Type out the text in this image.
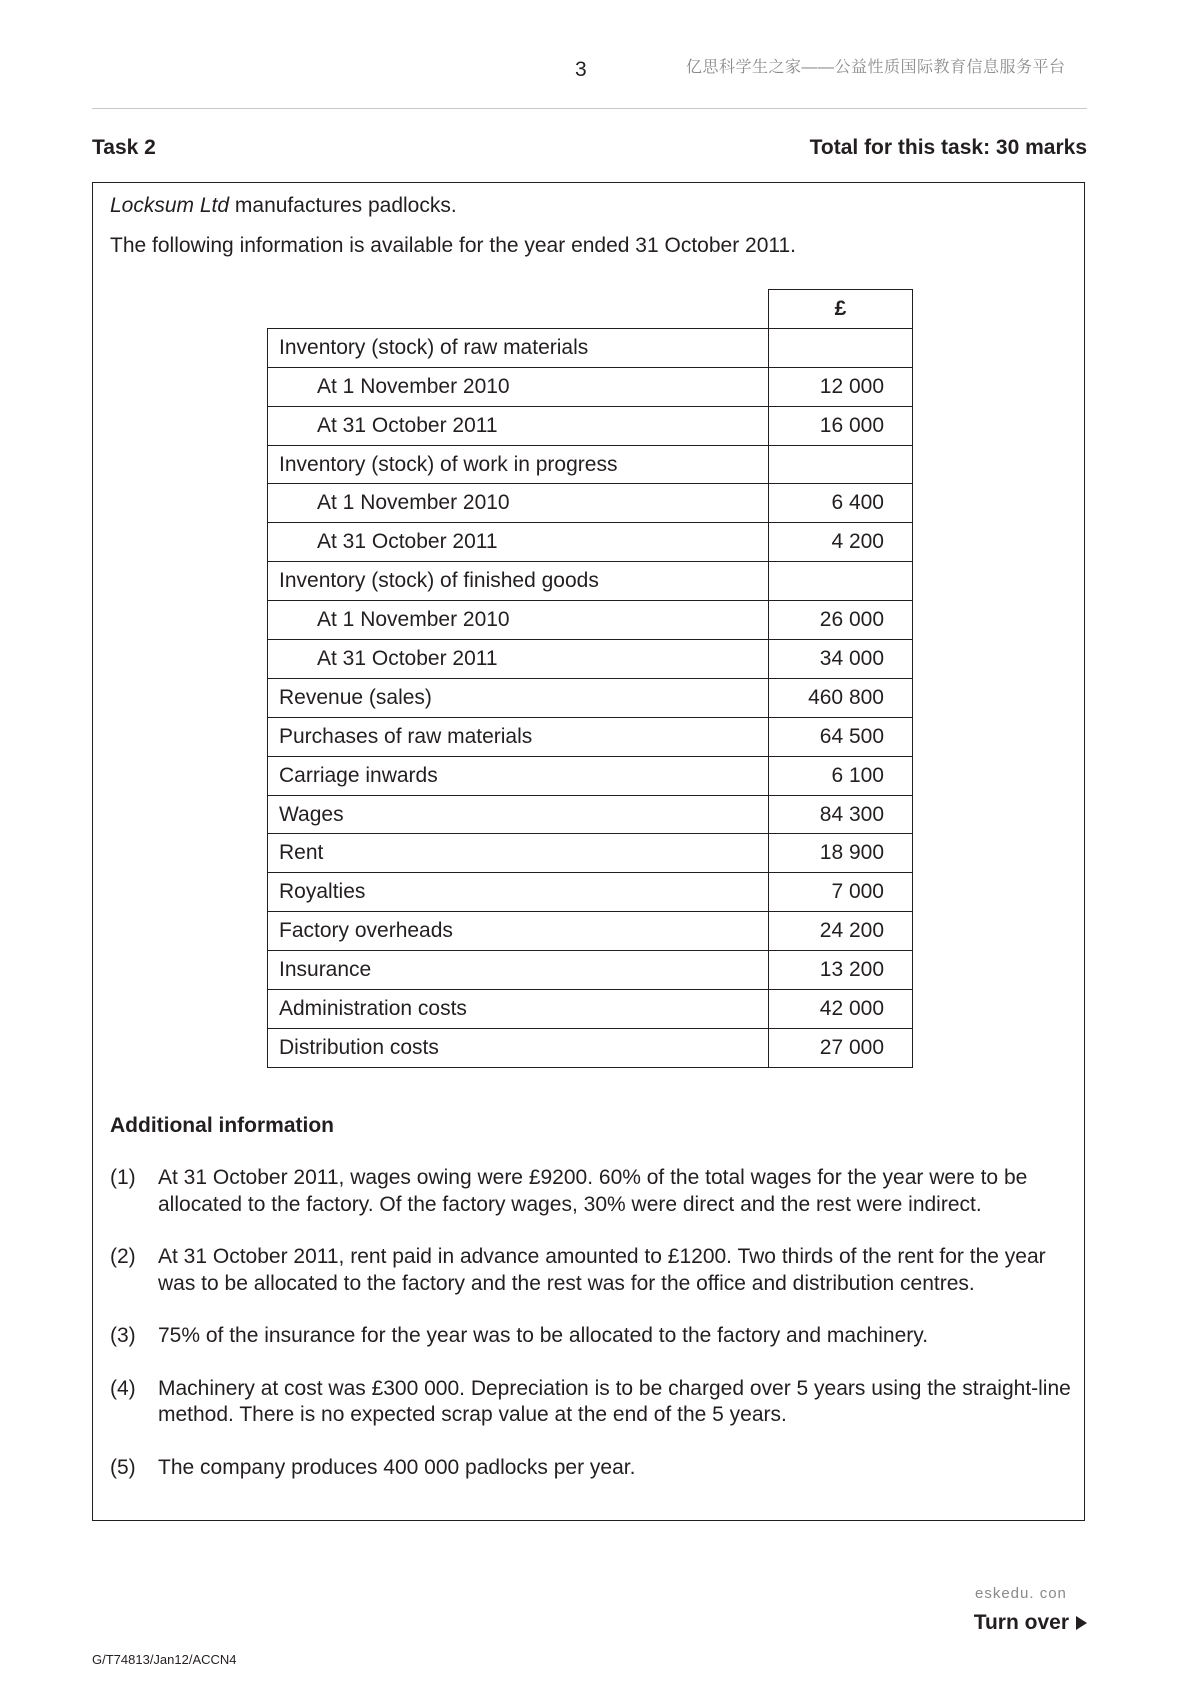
3	亿思科学生之家——公益性质国际教育信息服务平台
Task 2	Total for this task: 30 marks
Locksum Ltd manufactures padlocks.
The following information is available for the year ended 31 October 2011.
	£
Inventory (stock) of raw materials	
At 1 November 2010	12 000
At 31 October 2011	16 000
Inventory (stock) of work in progress	
At 1 November 2010	6 400
At 31 October 2011	4 200
Inventory (stock) of finished goods	
At 1 November 2010	26 000
At 31 October 2011	34 000
Revenue (sales)	460 800
Purchases of raw materials	64 500
Carriage inwards	6 100
Wages	84 300
Rent	18 900
Royalties	7 000
Factory overheads	24 200
Insurance	13 200
Administration costs	42 000
Distribution costs	27 000
Additional information
(1)	At 31 October 2011, wages owing were £9200. 60% of the total wages for the year were to be allocated to the factory. Of the factory wages, 30% were direct and the rest were indirect.
(2)	At 31 October 2011, rent paid in advance amounted to £1200. Two thirds of the rent for the year was to be allocated to the factory and the rest was for the office and distribution centres.
(3)	75% of the insurance for the year was to be allocated to the factory and machinery.
(4)	Machinery at cost was £300 000. Depreciation is to be charged over 5 years using the straight-line method. There is no expected scrap value at the end of the 5 years.
(5)	The company produces 400 000 padlocks per year.
eskedu. con
Turn over
G/T74813/Jan12/ACCN4
